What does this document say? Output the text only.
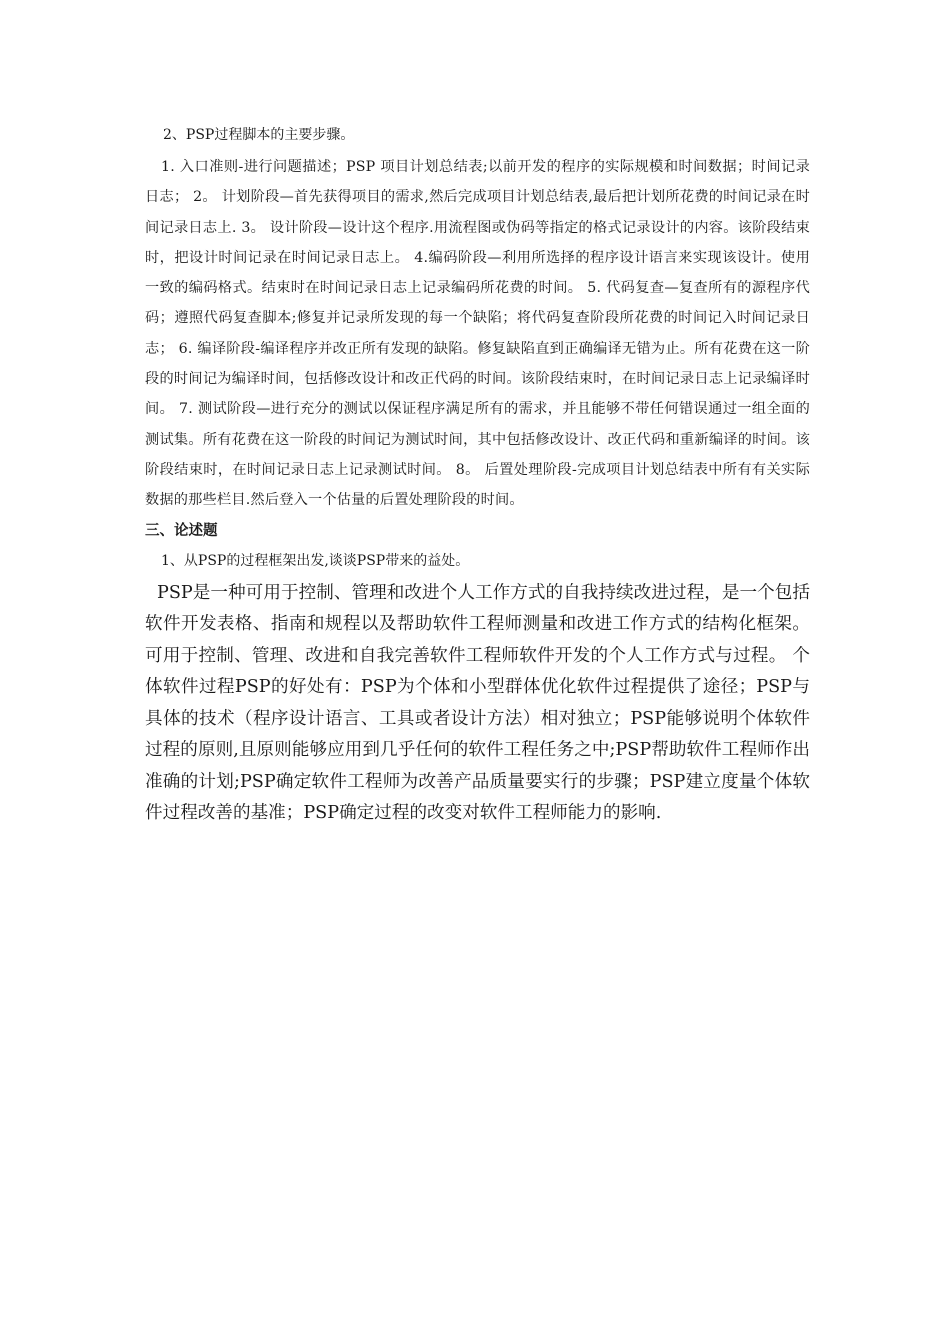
2、PSP过程脚本的主要步骤。

1. 入口准则-进行问题描述；PSP 项目计划总结表;以前开发的程序的实际规模和时间数据；时间记录日志； 2。 计划阶段—首先获得项目的需求,然后完成项目计划总结表,最后把计划所花费的时间记录在时间记录日志上. 3。 设计阶段—设计这个程序.用流程图或伪码等指定的格式记录设计的内容。该阶段结束时，把设计时间记录在时间记录日志上。 4.编码阶段—利用所选择的程序设计语言来实现该设计。使用一致的编码格式。结束时在时间记录日志上记录编码所花费的时间。 5. 代码复查—复查所有的源程序代码；遵照代码复查脚本;修复并记录所发现的每一个缺陷；将代码复查阶段所花费的时间记入时间记录日志； 6. 编译阶段-编译程序并改正所有发现的缺陷。修复缺陷直到正确编译无错为止。所有花费在这一阶段的时间记为编译时间，包括修改设计和改正代码的时间。该阶段结束时，在时间记录日志上记录编译时间。 7. 测试阶段—进行充分的测试以保证程序满足所有的需求，并且能够不带任何错误通过一组全面的测试集。所有花费在这一阶段的时间记为测试时间，其中包括修改设计、改正代码和重新编译的时间。该阶段结束时，在时间记录日志上记录测试时间。 8。 后置处理阶段-完成项目计划总结表中所有有关实际数据的那些栏目.然后登入一个估量的后置处理阶段的时间。

三、论述题

1、从PSP的过程框架出发,谈谈PSP带来的益处。

PSP是一种可用于控制、管理和改进个人工作方式的自我持续改进过程，是一个包括软件开发表格、指南和规程以及帮助软件工程师测量和改进工作方式的结构化框架。可用于控制、管理、改进和自我完善软件工程师软件开发的个人工作方式与过程。 个体软件过程PSP的好处有：PSP为个体和小型群体优化软件过程提供了途径；PSP与具体的技术（程序设计语言、工具或者设计方法）相对独立；PSP能够说明个体软件过程的原则,且原则能够应用到几乎任何的软件工程任务之中;PSP帮助软件工程师作出准确的计划;PSP确定软件工程师为改善产品质量要实行的步骤；PSP建立度量个体软件过程改善的基准；PSP确定过程的改变对软件工程师能力的影响.
